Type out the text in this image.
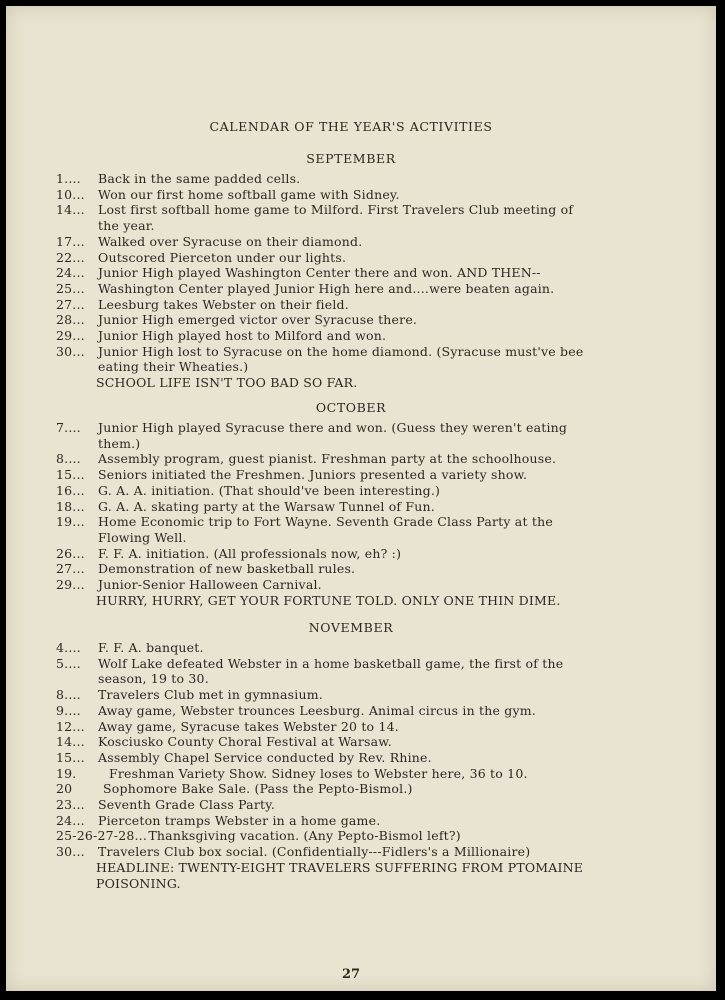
CALENDAR OF THE YEAR'S ACTIVITIES
SEPTEMBER
1.... Back in the same padded cells.
10... Won our first home softball game with Sidney.
14... Lost first softball home game to Milford. First Travelers Club meeting of
the year.
17... Walked over Syracuse on their diamond.
22... Outscored Pierceton under our lights.
24... Junior High played Washington Center there and won. AND THEN--
25... Washington Center played Junior High here and....were beaten again.
27... Leesburg takes Webster on their field.
28... Junior High emerged victor over Syracuse there.
29... Junior High played host to Milford and won.
30... Junior High lost to Syracuse on the home diamond. (Syracuse must've bee
eating their Wheaties.)
SCHOOL LIFE ISN'T TOO BAD SO FAR.
OCTOBER
7.... Junior High played Syracuse there and won. (Guess they weren't eating
them.)
8.... Assembly program, guest pianist. Freshman party at the schoolhouse.
15... Seniors initiated the Freshmen. Juniors presented a variety show.
16... G. A. A. initiation. (That should've been interesting.)
18... G. A. A. skating party at the Warsaw Tunnel of Fun.
19... Home Economic trip to Fort Wayne. Seventh Grade Class Party at the
Flowing Well.
26... F. F. A. initiation. (All professionals now, eh? :)
27... Demonstration of new basketball rules.
29... Junior-Senior Halloween Carnival.
HURRY, HURRY, GET YOUR FORTUNE TOLD. ONLY ONE THIN DIME.
NOVEMBER
4.... F. F. A. banquet.
5.... Wolf Lake defeated Webster in a home basketball game, the first of the
season, 19 to 30.
8.... Travelers Club met in gymnasium.
9.... Away game, Webster trounces Leesburg. Animal circus in the gym.
12... Away game, Syracuse takes Webster 20 to 14.
14... Kosciusko County Choral Festival at Warsaw.
15... Assembly Chapel Service conducted by Rev. Rhine.
19.	Freshman Variety Show. Sidney loses to Webster here, 36 to 10.
20 Sophomore Bake Sale. (Pass the Pepto-Bismol.)
23... Seventh Grade Class Party.
24... Pierceton tramps Webster in a home game.
25-26-27-28... Thanksgiving vacation. (Any Pepto-Bismol left?)
30... Travelers Club box social. (Confidentially---Fidlers's a Millionaire)
HEADLINE: TWENTY-EIGHT TRAVELERS SUFFERING FROM PTOMAINE
POISONING.
27
